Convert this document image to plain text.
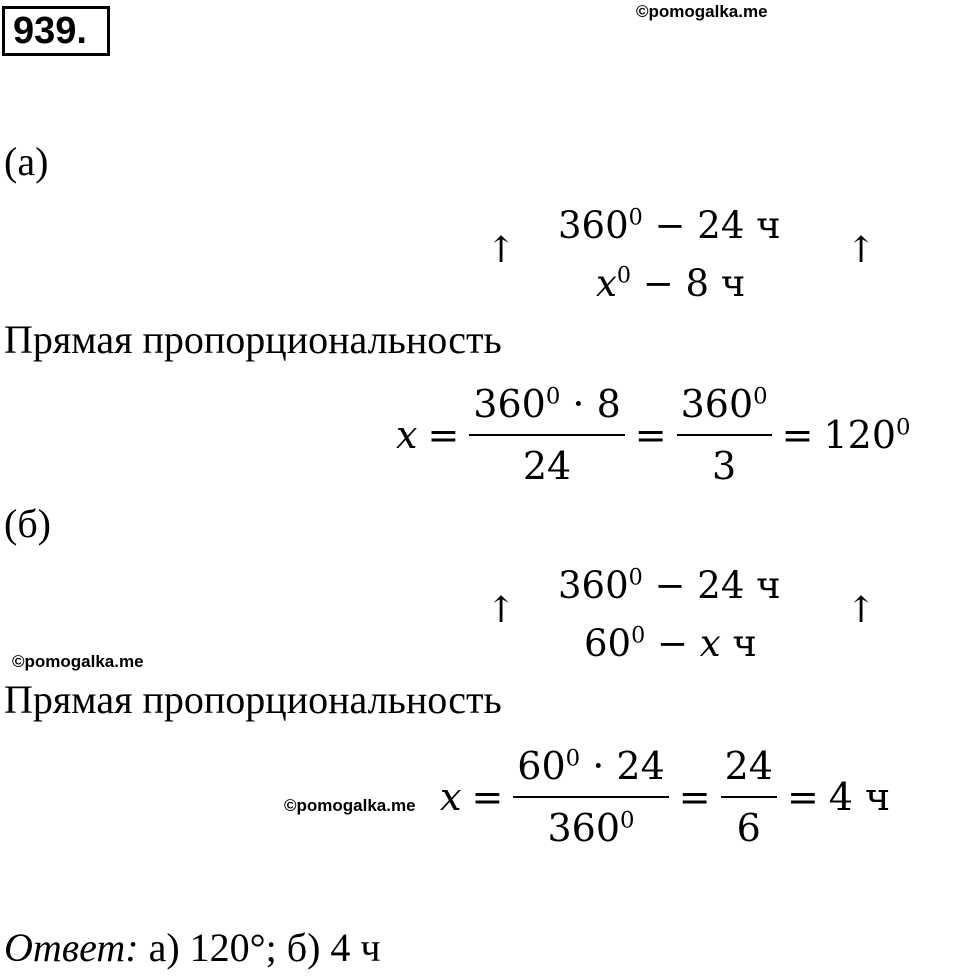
939.	©pomogalka.me
(а)
↑	↑
$360^0 - 24$ ч
$x^0 - 8$ ч
Прямая пропорциональность
$x = \frac{360^0 \cdot 8}{24} = \frac{360^0}{3} = 120^0$
(б)
↑	↑
$360^0 - 24$ ч
$60^0 - x$ ч
©pomogalka.me
Прямая пропорциональность
©pomogalka.me $x = \frac{60^0 \cdot 24}{360^0} = \frac{24}{6} = 4$ ч
Ответ: а) 120°; б) 4 ч
